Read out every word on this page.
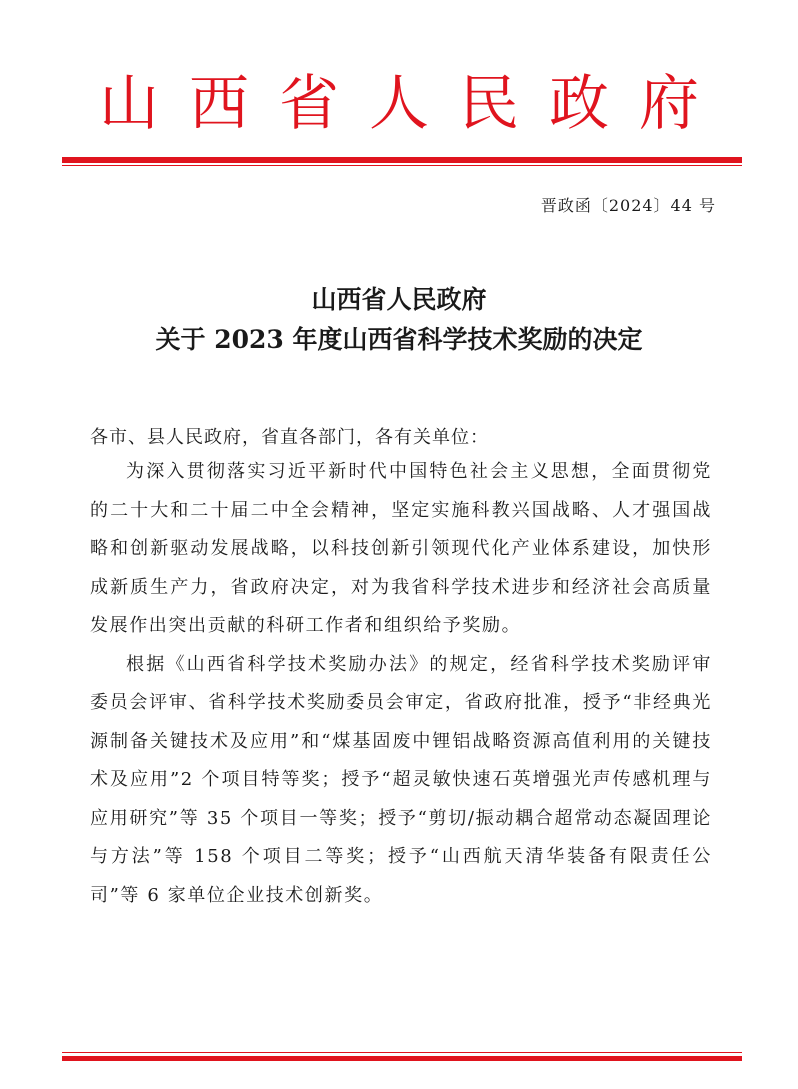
山西省人民政府
晋政函〔2024〕44 号
山西省人民政府
关于 2023 年度山西省科学技术奖励的决定
各市、县人民政府，省直各部门，各有关单位：

为深入贯彻落实习近平新时代中国特色社会主义思想，全面贯彻党的二十大和二十届二中全会精神，坚定实施科教兴国战略、人才强国战略和创新驱动发展战略，以科技创新引领现代化产业体系建设，加快形成新质生产力，省政府决定，对为我省科学技术进步和经济社会高质量发展作出突出贡献的科研工作者和组织给予奖励。

根据《山西省科学技术奖励办法》的规定，经省科学技术奖励评审委员会评审、省科学技术奖励委员会审定，省政府批准，授予“非经典光源制备关键技术及应用”和“煤基固废中锂铝战略资源高值利用的关键技术及应用”2 个项目特等奖；授予“超灵敏快速石英增强光声传感机理与应用研究”等 35 个项目一等奖；授予“剪切/振动耦合超常动态凝固理论与方法”等 158 个项目二等奖；授予“山西航天清华装备有限责任公司”等 6 家单位企业技术创新奖。
